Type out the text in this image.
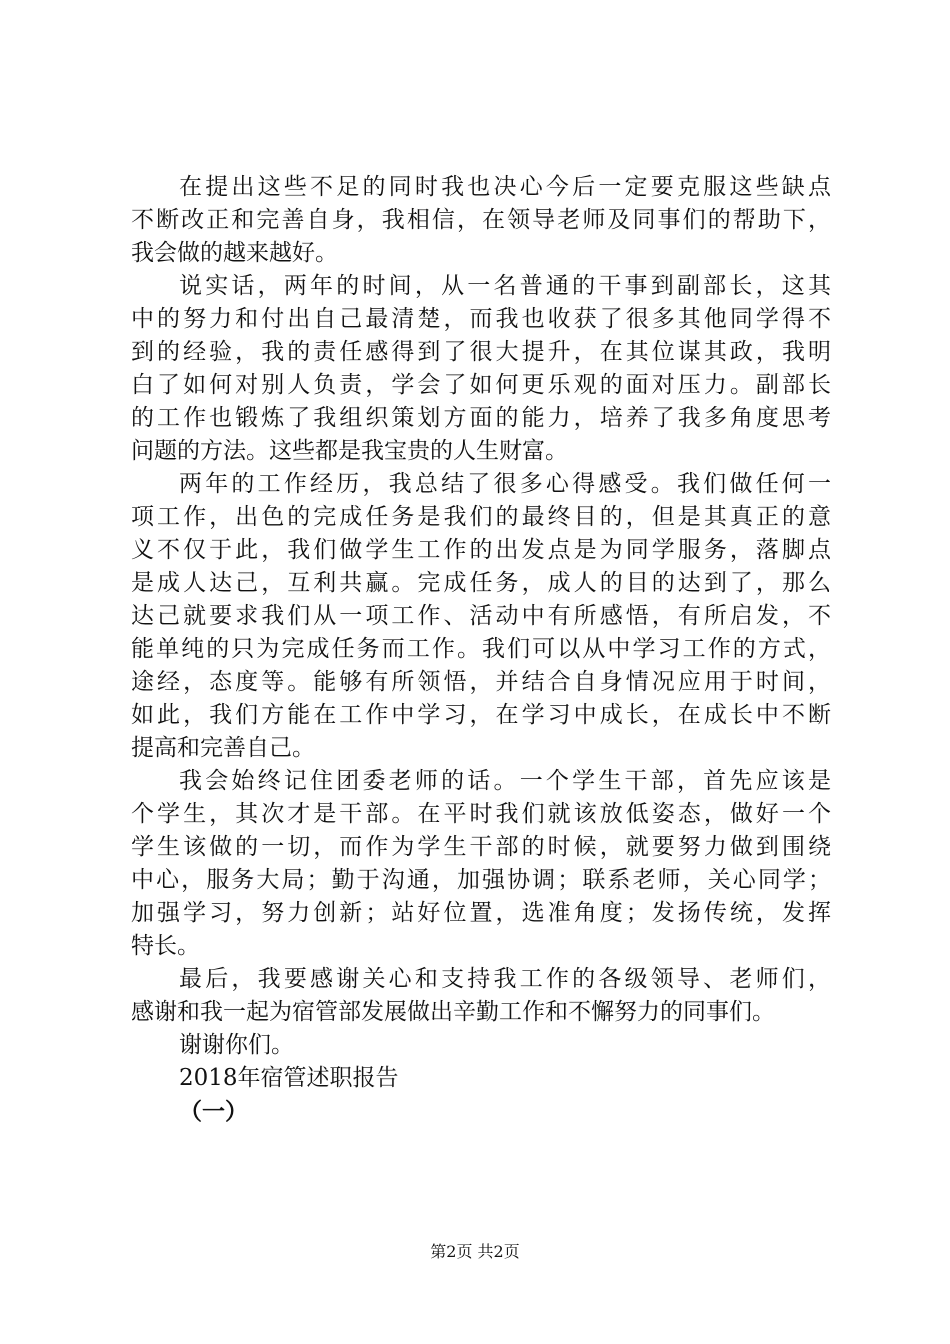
在提出这些不足的同时我也决心今后一定要克服这些缺点
不断改正和完善自身，我相信，在领导老师及同事们的帮助下，
我会做的越来越好。
说实话，两年的时间，从一名普通的干事到副部长，这其
中的努力和付出自己最清楚，而我也收获了很多其他同学得不
到的经验，我的责任感得到了很大提升，在其位谋其政，我明
白了如何对别人负责，学会了如何更乐观的面对压力。副部长
的工作也锻炼了我组织策划方面的能力，培养了我多角度思考
问题的方法。这些都是我宝贵的人生财富。
两年的工作经历，我总结了很多心得感受。我们做任何一
项工作，出色的完成任务是我们的最终目的，但是其真正的意
义不仅于此，我们做学生工作的出发点是为同学服务，落脚点
是成人达己，互利共赢。完成任务，成人的目的达到了，那么
达己就要求我们从一项工作、活动中有所感悟，有所启发，不
能单纯的只为完成任务而工作。我们可以从中学习工作的方式，
途经，态度等。能够有所领悟，并结合自身情况应用于时间，
如此，我们方能在工作中学习，在学习中成长，在成长中不断
提高和完善自己。
我会始终记住团委老师的话。一个学生干部，首先应该是
个学生，其次才是干部。在平时我们就该放低姿态，做好一个
学生该做的一切，而作为学生干部的时候，就要努力做到围绕
中心，服务大局；勤于沟通，加强协调；联系老师，关心同学；
加强学习，努力创新；站好位置，选准角度；发扬传统，发挥
特长。
最后，我要感谢关心和支持我工作的各级领导、老师们，
感谢和我一起为宿管部发展做出辛勤工作和不懈努力的同事们。
谢谢你们。
2018年宿管述职报告
（一）
第2页 共2页
